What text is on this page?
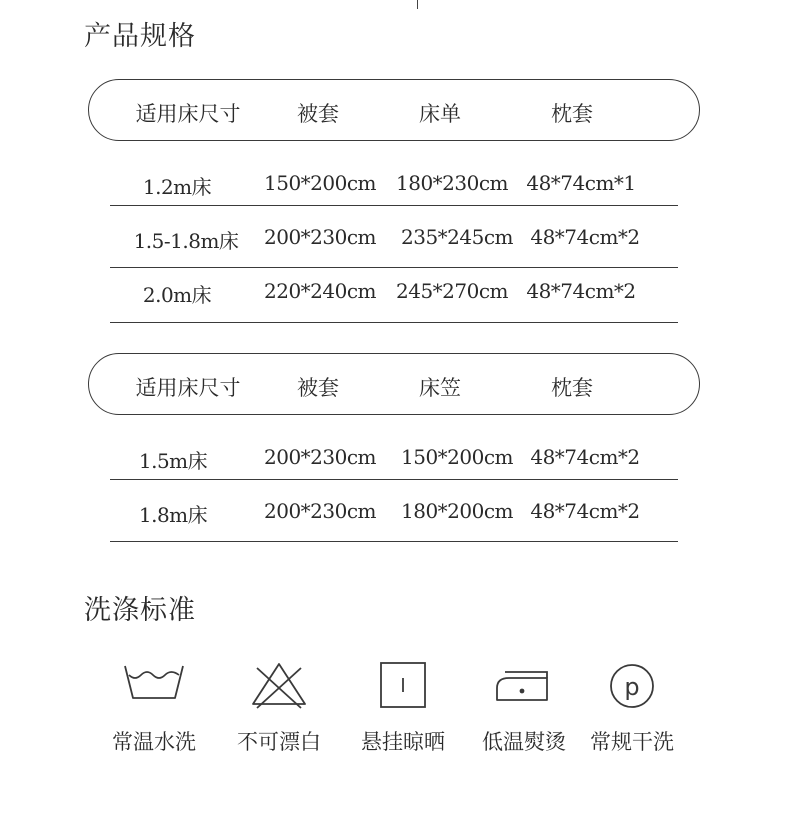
产品规格
适用床尺寸	被套	床单	枕套
1.2m床	150*200cm 180*230cm 48*74cm*1
1.5-1.8m床 200*230cm 235*245cm 48*74cm*2
2.0m床	220*240cm 245*270cm 48*74cm*2
适用床尺寸	被套	床笠	枕套
1.5m床	200*230cm 150*200cm 48*74cm*2
1.8m床	200*230cm 180*200cm 48*74cm*2
洗涤标准
常温水洗	不可漂白	悬挂晾晒	低温熨烫
p
常规干洗
